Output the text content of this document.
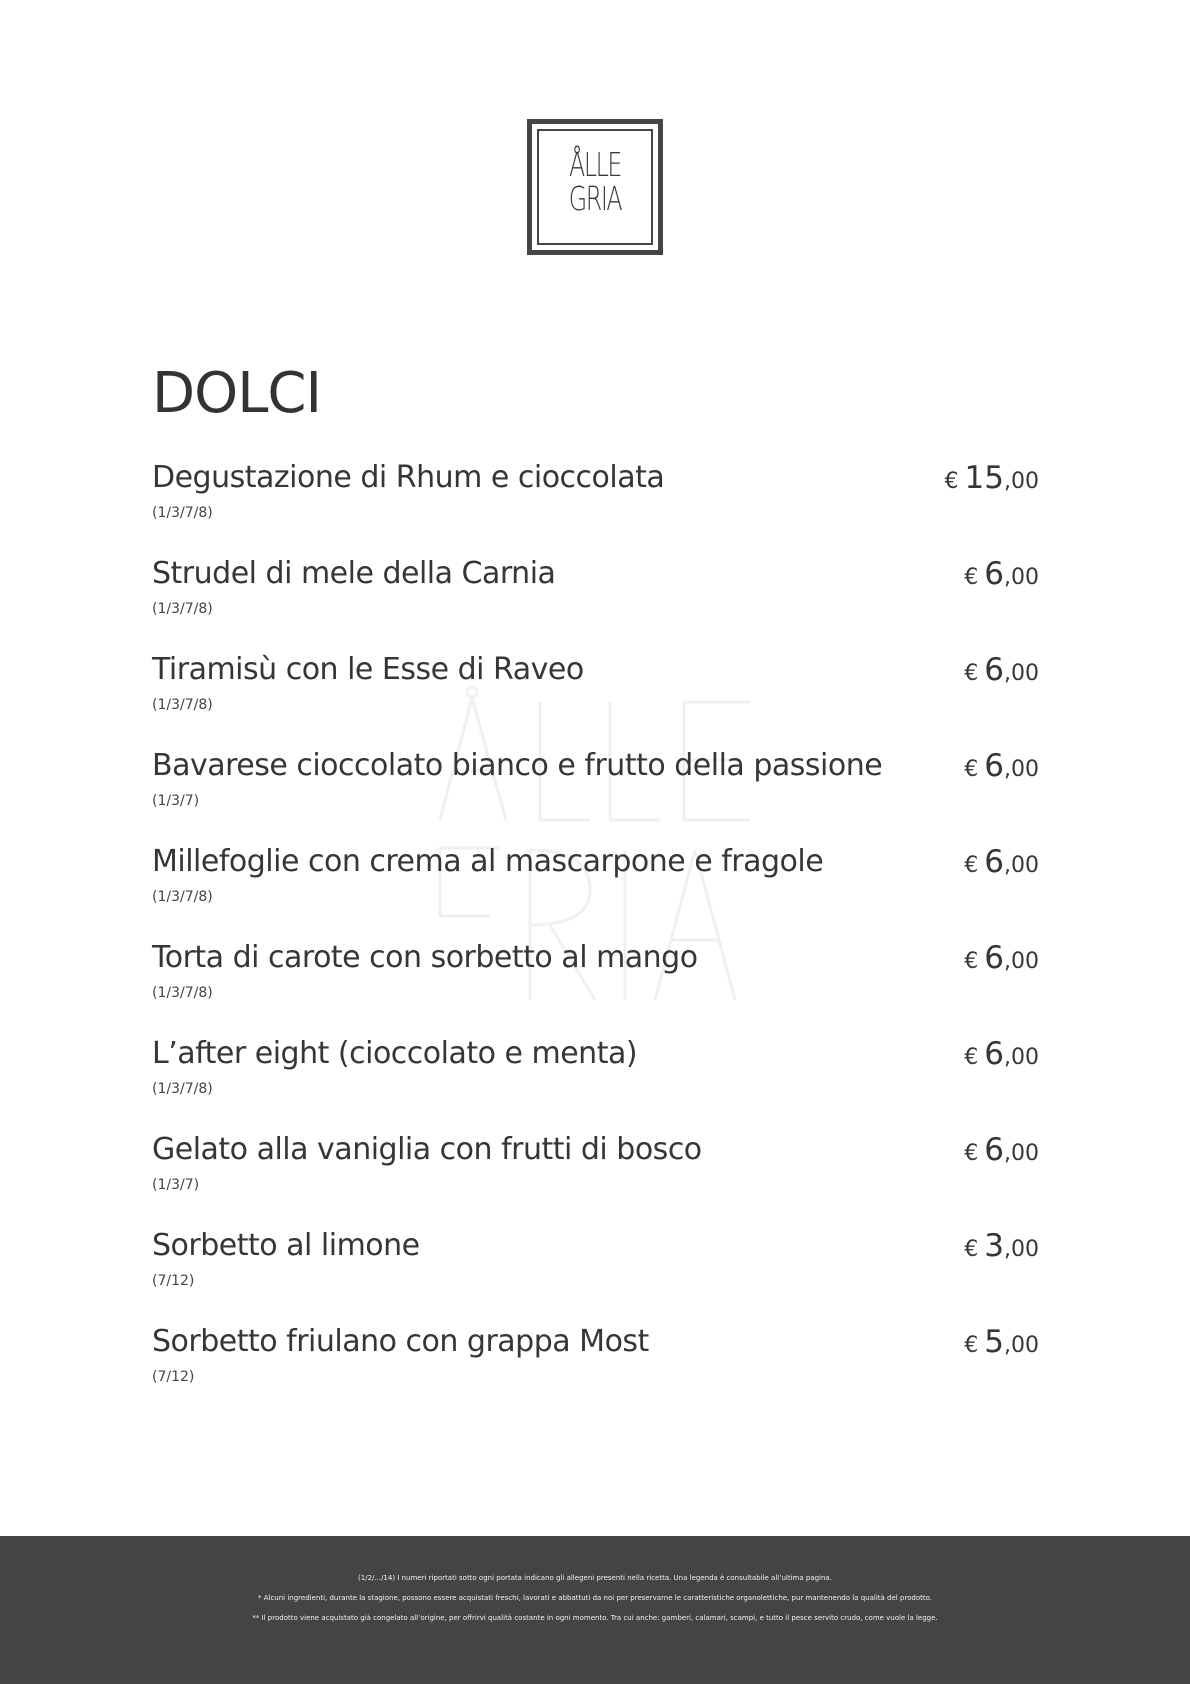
ÅLLE
GRIA
DOLCI
Degustazione di Rhum e cioccolata
(1/3/7/8)
€ 15,00
Strudel di mele della Carnia
(1/3/7/8)
€ 6,00
Tiramisù con le Esse di Raveo
(1/3/7/8)
€ 6,00
Bavarese cioccolato bianco e frutto della passione
(1/3/7)
€ 6,00
Millefoglie con crema al mascarpone e fragole
(1/3/7/8)
€ 6,00
Torta di carote con sorbetto al mango
(1/3/7/8)
€ 6,00
L’after eight (cioccolato e menta)
(1/3/7/8)
€ 6,00
Gelato alla vaniglia con frutti di bosco
(1/3/7)
€ 6,00
Sorbetto al limone
(7/12)
€ 3,00
Sorbetto friulano con grappa Most
(7/12)
€ 5,00

(1/2/.../14) I numeri riportati sotto ogni portata indicano gli allegeni presenti nella ricetta. Una legenda è consultabile all’ultima pagina.

* Alcuni ingredienti, durante la stagione, possono essere acquistati freschi, lavorati e abbattuti da noi per preservarne le caratteristiche organolettiche, pur mantenendo la qualità del prodotto.

** Il prodotto viene acquistato già congelato all’origine, per offrirvi qualità costante in ogni momento. Tra cui anche: gamberi, calamari, scampi, e tutto il pesce servito crudo, come vuole la legge.
